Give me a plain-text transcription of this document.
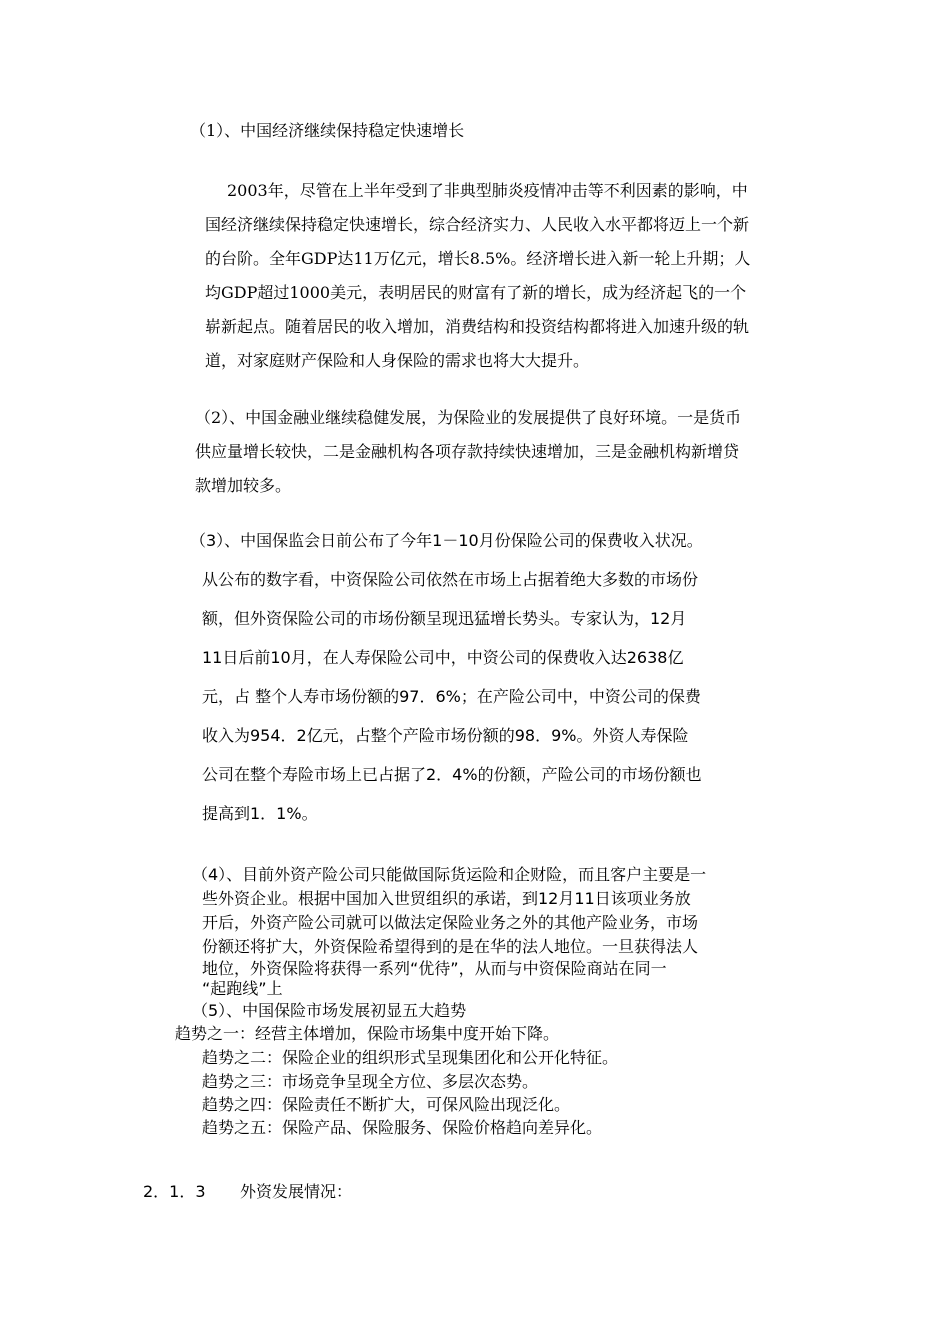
（1）、中国经济继续保持稳定快速增长
2003年，尽管在上半年受到了非典型肺炎疫情冲击等不利因素的影响，中
国经济继续保持稳定快速增长，综合经济实力、人民收入水平都将迈上一个新
的台阶。全年GDP达11万亿元，增长8.5%。经济增长进入新一轮上升期；人
均GDP超过1000美元，表明居民的财富有了新的增长，成为经济起飞的一个
崭新起点。随着居民的收入增加，消费结构和投资结构都将进入加速升级的轨
道，对家庭财产保险和人身保险的需求也将大大提升。
（2）、中国金融业继续稳健发展，为保险业的发展提供了良好环境。一是货币
供应量增长较快，二是金融机构各项存款持续快速增加，三是金融机构新增贷
款增加较多。
（3）、中国保监会日前公布了今年1－10月份保险公司的保费收入状况。
从公布的数字看，中资保险公司依然在市场上占据着绝大多数的市场份
额，但外资保险公司的市场份额呈现迅猛增长势头。专家认为，12月
11日后前10月，在人寿保险公司中，中资公司的保费收入达2638亿
元，占 整个人寿市场份额的97．6%；在产险公司中，中资公司的保费
收入为954．2亿元，占整个产险市场份额的98．9%。外资人寿保险
公司在整个寿险市场上已占据了2．4%的份额，产险公司的市场份额也
提高到1．1%。
（4）、目前外资产险公司只能做国际货运险和企财险，而且客户主要是一
些外资企业。根据中国加入世贸组织的承诺，到12月11日该项业务放
开后，外资产险公司就可以做法定保险业务之外的其他产险业务，市场
份额还将扩大，外资保险希望得到的是在华的法人地位。一旦获得法人
地位，外资保险将获得一系列“优待”，从而与中资保险商站在同一
“起跑线”上
（5）、中国保险市场发展初显五大趋势
趋势之一：经营主体增加，保险市场集中度开始下降。
趋势之二：保险企业的组织形式呈现集团化和公开化特征。
趋势之三：市场竞争呈现全方位、多层次态势。
趋势之四：保险责任不断扩大，可保风险出现泛化。
趋势之五：保险产品、保险服务、保险价格趋向差异化。
2．1．3 外资发展情况：
